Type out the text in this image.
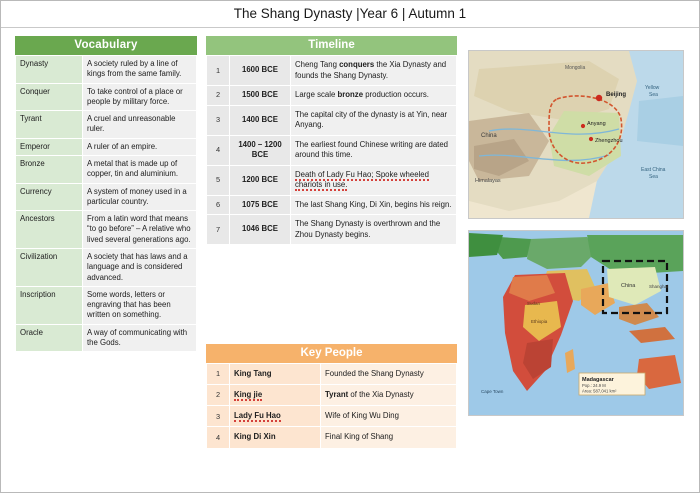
The Shang Dynasty |Year 6 | Autumn 1
Vocabulary
Dynasty	A society ruled by a line of kings from the same family.
Conquer	To take control of a place or people by military force.
Tyrant	A cruel and unreasonable ruler.
Emperor	A ruler of an empire.
Bronze	A metal that is made up of copper, tin and aluminium.
Currency	A system of money used in a particular country.
Ancestors	From a latin word that means “to go before” – A relative who lived several generations ago.
Civilization	A society that has laws and a language and is considered advanced.
Inscription	Some words, letters or engraving that has been written on something.
Oracle	A way of communicating with the Gods.
Timeline
1	1600 BCE	Cheng Tang conquers the Xia Dynasty and founds the Shang Dynasty.
2	1500 BCE	Large scale bronze production occurs.
3	1400 BCE	The capital city of the dynasty is at Yin, near Anyang.
4	1400 – 1200 BCE	The earliest found Chinese writing are dated around this time.
5	1200 BCE	Death of Lady Fu Hao; Spoke wheeled chariots in use.
6	1075 BCE	The last Shang King, Di Xin, begins his reign.
7	1046 BCE	The Shang Dynasty is overthrown and the Zhou Dynasty begins.
Key People
1	King Tang	Founded the Shang Dynasty
2	King jie	Tyrant of the Xia Dynasty
3	Lady Fu Hao	Wife of King Wu Ding
4	King Di Xin	Final King of Shang
Mongolia
Beijing
Yellow
Sea
Anyang
Zhengzhou
China
Himalayas
East China
Sea
China
Ethiopia
Sudan
Shanghai
Cape Town
Madagascar
Pop.: 24.9 M
Area: 587,041 km²
